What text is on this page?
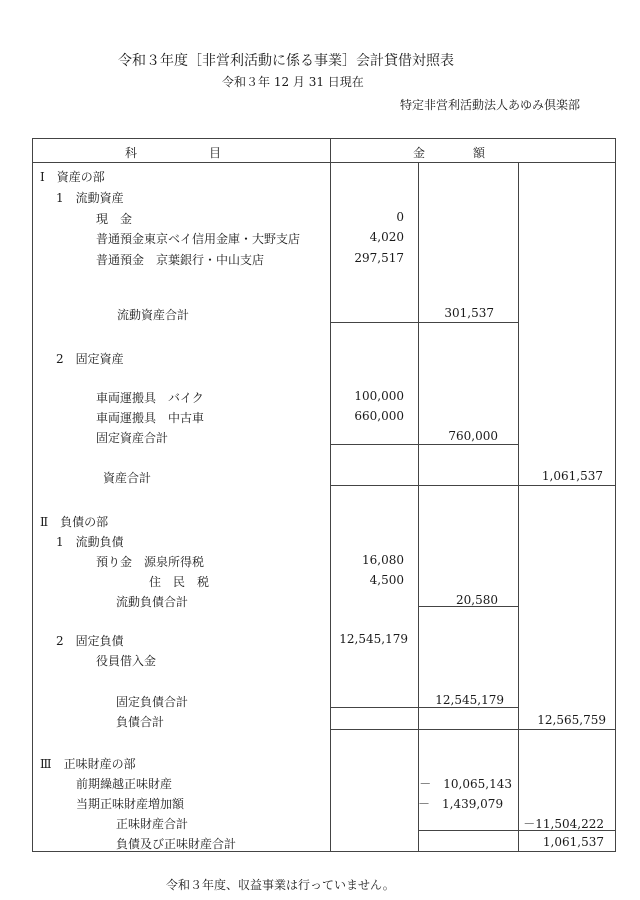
令和３年度［非営利活動に係る事業］会計貸借対照表
令和３年 12 月 31 日現在
特定非営利活動法人あゆみ倶楽部
科　　　　　　目	金　　　　額
Ⅰ　資産の部
1　流動資産
現　金	0
普通預金東京ベイ信用金庫・大野支店	4,020
普通預金　京葉銀行・中山支店	297,517
流動資産合計	301,537
2　固定資産
車両運搬具　バイク	100,000
車両運搬具　中古車	660,000
固定資産合計	760,000
資産合計	1,061,537
Ⅱ　負債の部
1　流動負債
預り金　源泉所得税	16,080
住　民　税	4,500
流動負債合計	20,580
2　固定負債	12,545,179
役員借入金
固定負債合計	12,545,179
負債合計	12,565,759
Ⅲ　正味財産の部
前期繰越正味財産	－　10,065,143
当期正味財産増加額	－　1,439,079
正味財産合計	－11,504,222
負債及び正味財産合計	1,061,537
令和３年度、収益事業は行っていません。
